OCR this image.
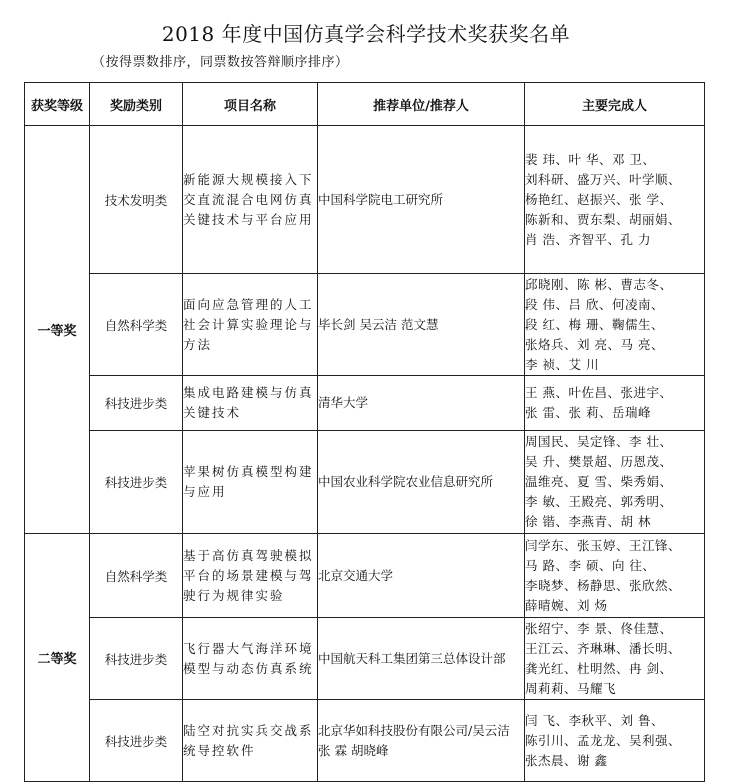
2018 年度中国仿真学会科学技术奖获奖名单
（按得票数排序，同票数按答辩顺序排序）
获奖等级	奖励类别	项目名称	推荐单位/推荐人	主要完成人
一等奖	技术发明类	新能源大规模接入下交直流混合电网仿真关键技术与平台应用	中国科学院电工研究所	裴 玮、叶 华、邓 卫、
刘科研、盛万兴、叶学顺、
杨艳红、赵振兴、张 学、
陈新和、贾东梨、胡丽娟、
肖 浩、齐智平、孔 力

	自然科学类	面向应急管理的人工社会计算实验理论与方法	毕长剑 吴云洁 范文慧	邱晓刚、陈 彬、曹志冬、
段 伟、吕 欣、何凌南、
段 红、梅 珊、鞠儒生、
张烙兵、刘 亮、马 亮、
李 祯、艾 川

	科技进步类	集成电路建模与仿真关键技术	清华大学	王 燕、叶佐昌、张进宇、
张 雷、张 莉、岳瑞峰

	科技进步类	苹果树仿真模型构建与应用	中国农业科学院农业信息研究所	周国民、吴定锋、李 壮、
吴 升、樊景超、历恩茂、
温维亮、夏 雪、柴秀娟、
李 敏、王殿亮、郭秀明、
徐 锴、李燕青、胡 林

二等奖	自然科学类	基于高仿真驾驶模拟平台的场景建模与驾驶行为规律实验	北京交通大学	闫学东、张玉婷、王江锋、
马 路、李 硕、向 往、
李晓梦、杨静思、张欣然、
薛晴婉、刘 炀

	科技进步类	飞行器大气海洋环境模型与动态仿真系统	中国航天科工集团第三总体设计部	张绍宁、李 景、佟佳慧、
王江云、齐琳琳、潘长明、
龚光红、杜明然、冉 剑、
周莉莉、马耀飞

	科技进步类	陆空对抗实兵交战系统导控软件	北京华如科技股份有限公司/吴云洁 张 霖 胡晓峰	闫 飞、李秋平、刘 鲁、
陈引川、孟龙龙、吴利强、
张杰晨、谢 鑫
